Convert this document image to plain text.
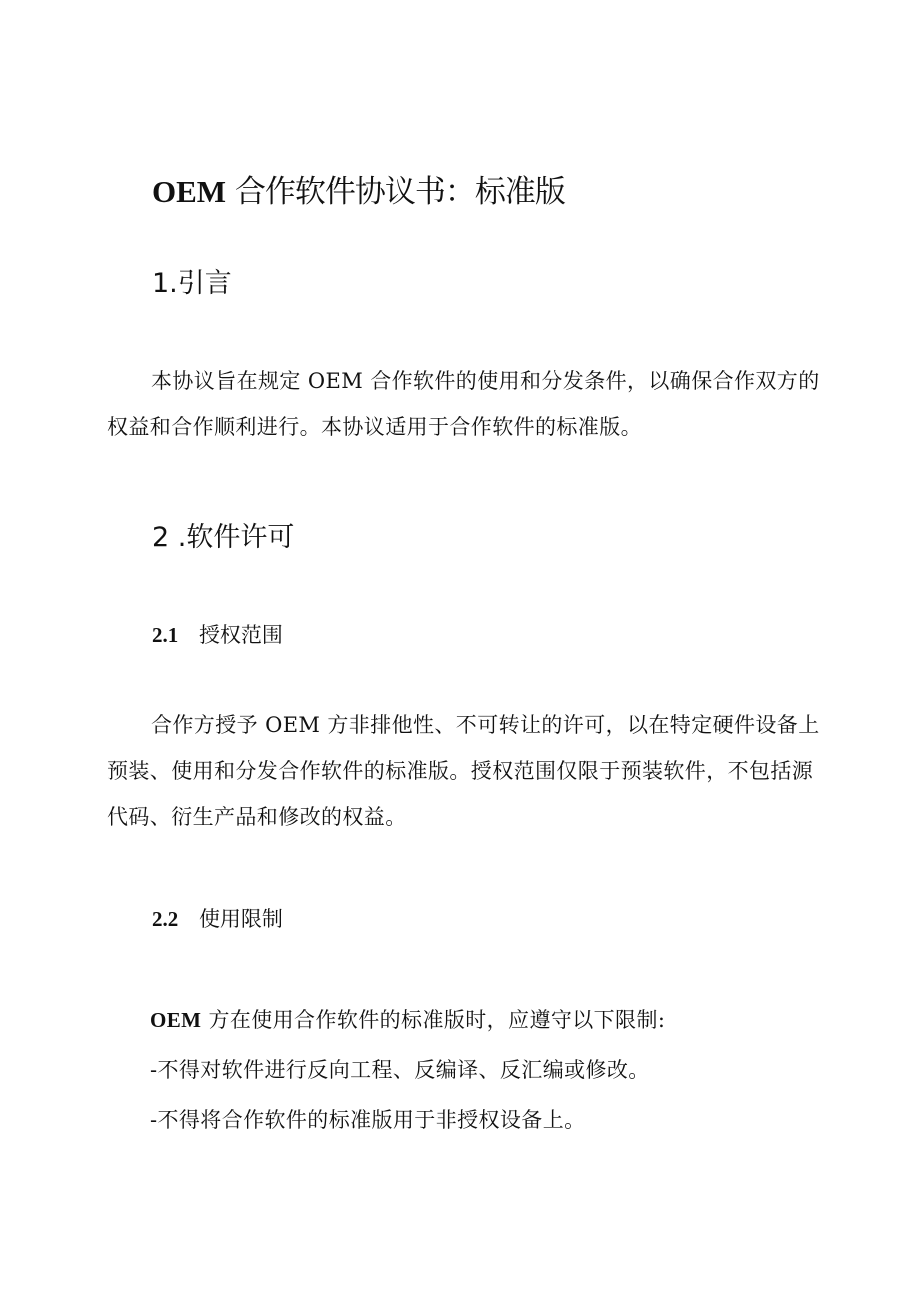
OEM 合作软件协议书：标准版
1.引言
本协议旨在规定 OEM 合作软件的使用和分发条件，以确保合作双方的权益和合作顺利进行。本协议适用于合作软件的标准版。
2 .软件许可
2.1 授权范围
合作方授予 OEM 方非排他性、不可转让的许可，以在特定硬件设备上预装、使用和分发合作软件的标准版。授权范围仅限于预装软件，不包括源代码、衍生产品和修改的权益。
2.2 使用限制
OEM 方在使用合作软件的标准版时，应遵守以下限制:
-不得对软件进行反向工程、反编译、反汇编或修改。
-不得将合作软件的标准版用于非授权设备上。
